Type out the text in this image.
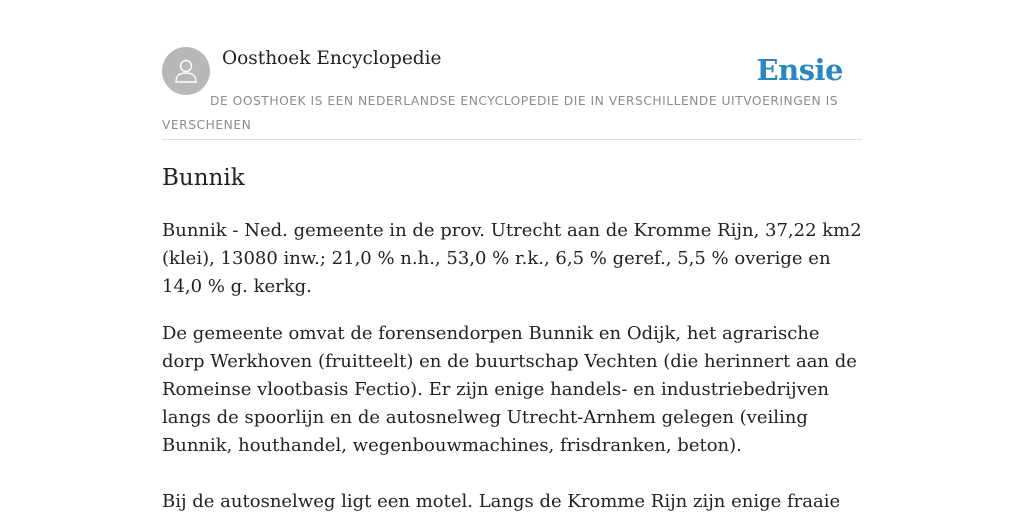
Oosthoek Encyclopedie	Ensie

DE OOSTHOEK IS EEN NEDERLANDSE ENCYCLOPEDIE DIE IN VERSCHILLENDE UITVOERINGEN IS VERSCHENEN

Bunnik

Bunnik - Ned. gemeente in de prov. Utrecht aan de Kromme Rijn, 37,22 km2 (klei), 13080 inw.; 21,0 % n.h., 53,0 % r.k., 6,5 % geref., 5,5 % overige en 14,0 % g. kerkg.

De gemeente omvat de forensendorpen Bunnik en Odijk, het agrarische dorp Werkhoven (fruitteelt) en de buurtschap Vechten (die herinnert aan de Romeinse vlootbasis Fectio). Er zijn enige handels- en industriebedrijven langs de spoorlijn en de autosnelweg Utrecht-Arnhem gelegen (veiling Bunnik, houthandel, wegenbouwmachines, frisdranken, beton).

Bij de autosnelweg ligt een motel. Langs de Kromme Rijn zijn enige fraaie
